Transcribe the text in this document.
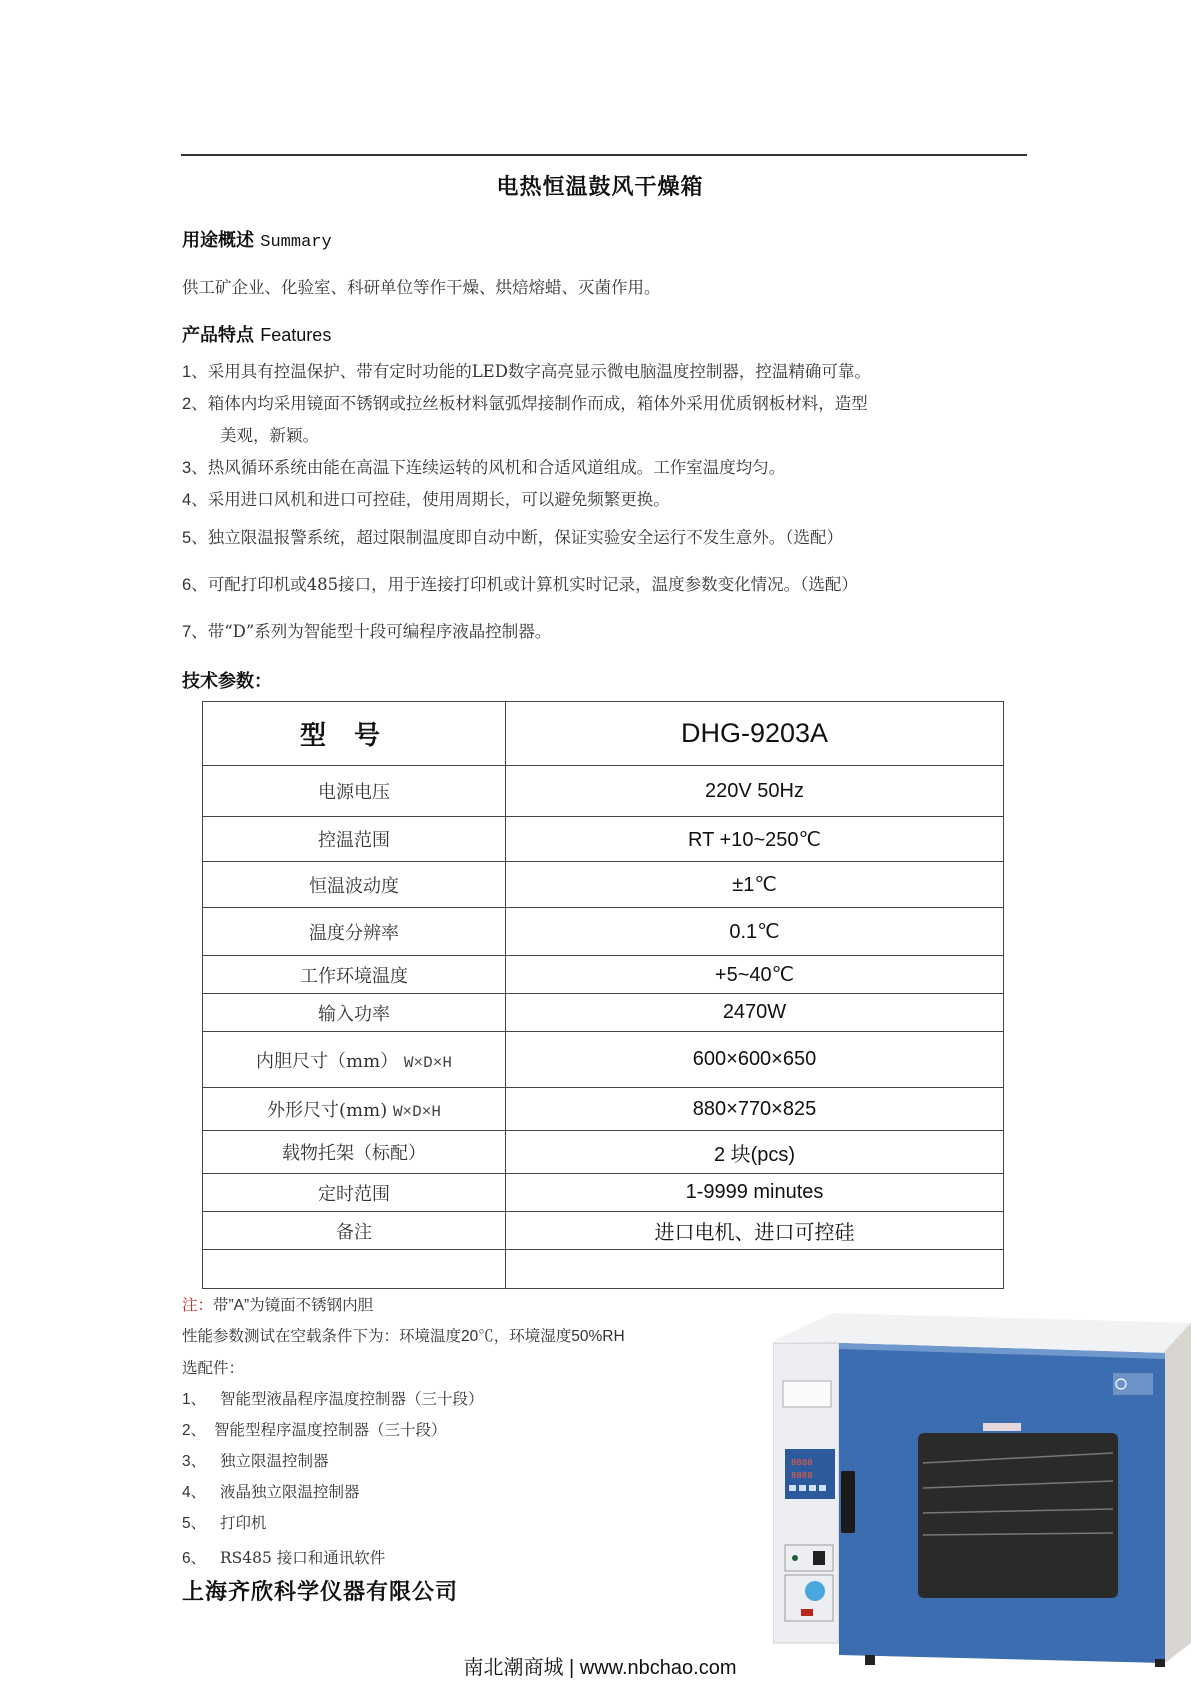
电热恒温鼓风干燥箱
用途概述 Summary
供工矿企业、化验室、科研单位等作干燥、烘焙熔蜡、灭菌作用。
产品特点 Features
1、采用具有控温保护、带有定时功能的LED数字高亮显示微电脑温度控制器，控温精确可靠。
2、箱体内均采用镜面不锈钢或拉丝板材料氩弧焊接制作而成，箱体外采用优质钢板材料，造型
美观，新颖。
3、热风循环系统由能在高温下连续运转的风机和合适风道组成。工作室温度均匀。
4、采用进口风机和进口可控硅，使用周期长，可以避免频繁更换。
5、独立限温报警系统，超过限制温度即自动中断，保证实验安全运行不发生意外。（选配）
6、可配打印机或485接口，用于连接打印机或计算机实时记录，温度参数变化情况。（选配）
7、带“D”系列为智能型十段可编程序液晶控制器。
技术参数：
型号	DHG-9203A
电源电压	220V 50Hz
控温范围	RT +10~250℃
恒温波动度	±1℃
温度分辨率	0.1℃
工作环境温度	+5~40℃
输入功率	2470W
内胆尺寸（mm） W×D×H	600×600×650
外形尺寸(mm) W×D×H	880×770×825
载物托架（标配）	2 块(pcs)
定时范围	1-9999 minutes
备注	进口电机、进口可控硅

注：带”A”为镜面不锈钢内胆
性能参数测试在空载条件下为：环境温度20℃，环境湿度50%RH
选配件：
1、 智能型液晶程序温度控制器（三十段）
2、 智能型程序温度控制器（三十段）
3、 独立限温控制器
4、 液晶独立限温控制器
5、 打印机
6、 RS485 接口和通讯软件
上海齐欣科学仪器有限公司
8888
8888
南北潮商城 | www.nbchao.com
